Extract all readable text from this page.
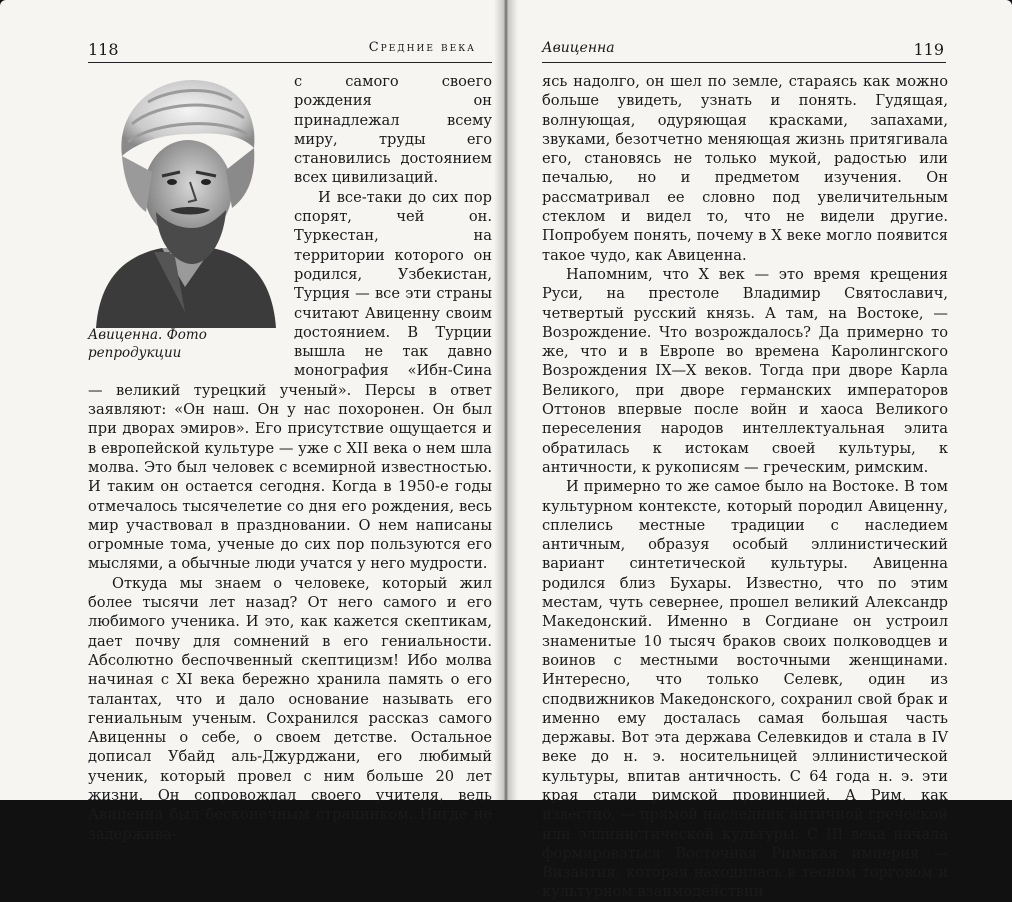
118	Средние века
Авиценна. Фото репродукции

с самого своего рождения он принадлежал всему миру, труды его становились достоянием всех цивилизаций.

И все-таки до сих пор спорят, чей он. Туркестан, на территории которого он родился, Узбекистан, Турция — все эти страны считают Авиценну своим достоянием. В Турции вышла не так давно монография «Ибн-Сина — великий турецкий ученый». Персы в ответ заявляют: «Он наш. Он у нас похоронен. Он был при дворах эмиров». Его присутствие ощущается и в европейской культуре — уже с XII века о нем шла молва. Это был человек с всемирной известностью. И таким он остается сегодня. Когда в 1950-е годы отмечалось тысячелетие со дня его рождения, весь мир участвовал в праздновании. О нем написаны огромные тома, ученые до сих пор пользуются его мыслями, а обычные люди учатся у него мудрости.

Откуда мы знаем о человеке, который жил более тысячи лет назад? От него самого и его любимого ученика. И это, как кажется скептикам, дает почву для сомнений в его гениальности. Абсолютно беспочвенный скептицизм! Ибо молва начиная с XI века бережно хранила память о его талантах, что и дало основание называть его гениальным ученым. Сохранился рассказ самого Авиценны о себе, о своем детстве. Остальное дописал Убайд аль-Джурджани, его любимый ученик, который провел с ним больше 20 лет жизни. Он сопровождал своего учителя, ведь Авиценна был бесконечным странником. Нигде не задержива-

Авиценна	119

ясь надолго, он шел по земле, стараясь как можно больше увидеть, узнать и понять. Гудящая, волнующая, одуряющая красками, запахами, звуками, безотчетно меняющая жизнь притягивала его, становясь не только мукой, радостью или печалью, но и предметом изучения. Он рассматривал ее словно под увеличительным стеклом и видел то, что не видели другие. Попробуем понять, почему в X веке могло появится такое чудо, как Авиценна.

Напомним, что X век — это время крещения Руси, на престоле Владимир Святославич, четвертый русский князь. А там, на Востоке, — Возрождение. Что возрождалось? Да примерно то же, что и в Европе во времена Каролингского Возрождения IX—X веков. Тогда при дворе Карла Великого, при дворе германских императоров Оттонов впервые после войн и хаоса Великого переселения народов интеллектуальная элита обратилась к истокам своей культуры, к античности, к рукописям — греческим, римским.

И примерно то же самое было на Востоке. В том культурном контексте, который породил Авиценну, сплелись местные традиции с наследием античным, образуя особый эллинистический вариант синтетической культуры. Авиценна родился близ Бухары. Известно, что по этим местам, чуть севернее, прошел великий Александр Македонский. Именно в Согдиане он устроил знаменитые 10 тысяч браков своих полководцев и воинов с местными восточными женщинами. Интересно, что только Селевк, один из сподвижников Македонского, сохранил свой брак и именно ему досталась самая большая часть державы. Вот эта держава Селевкидов и стала в IV веке до н. э. носительницей эллинистической культуры, впитав античность. С 64 года н. э. эти края стали римской провинцией. А Рим, как известно, — прямой наследник античной греческой или эллинистической культуры. С III века начала формироваться Восточная Римская империя — Византия, которая находилась в тесном торговом и культурном взаимодействии
